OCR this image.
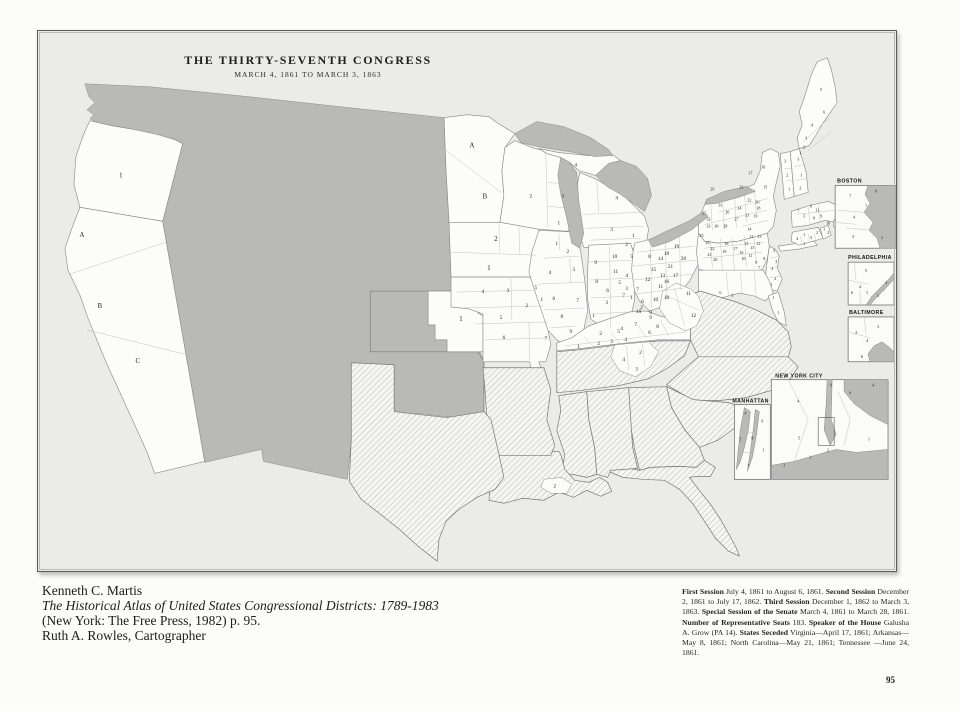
THE THIRTY-SEVENTH CONGRESS
MARCH 4, 1861 TO MARCH 3, 1863
BOSTON
PHILADELPHIA
BALTIMORE
NEW YORK CITY
MANHATTAN
1
A
B
C
A
B
2
1
1
2	3
1
4
4
3
1
2
4	3
2
1
5
6	7
1
2
3
4
5
6	7
8
9
9
10
11
8	5
6
7
3
1
2
4
5	8 14
18
19
20
21
15
13 17
4
16
11
12
3 7
6 10
9
1
2
1	2 3 4
5	6
7	8
9
10
2
4
3
10
11
12
2
29
25	26
32	27
31
33 30 28
23
22 20
21 19
17
16
15
18
24
14
12 13
1
25
24
22
21
20
19
18
17
16
15
13
12
11
10
9
8
7
5
3
4
2
1
1
6
5
1
4
1
3
2
1
2
7
6
5 8 9
11
10
3
2
1
3
1
2
5
6
4
3
2
1
7
6
1
4
3	2
5
2
4
6	1
3
3
2
4
6
4
9
9
4
5	1
2
1
3
4
9
5 8
1
7
Kenneth C. Martis
The Historical Atlas of United States Congressional Districts: 1789-1983
(New York: The Free Press, 1982) p. 95.
Ruth A. Rowles, Cartographer
First Session July 4, 1861 to August 6, 1861. Second Session December 2, 1861 to July 17, 1862. Third Session December 1, 1862 to March 3, 1863. Special Session of the Senate March 4, 1861 to March 28, 1861. Number of Representative Seats 183. Speaker of the House Galusha A. Grow (PA 14). States Seceded Virginia—April 17, 1861; Arkansas—May 8, 1861; North Carolina—May 21, 1861; Tennessee —June 24, 1861.
95
